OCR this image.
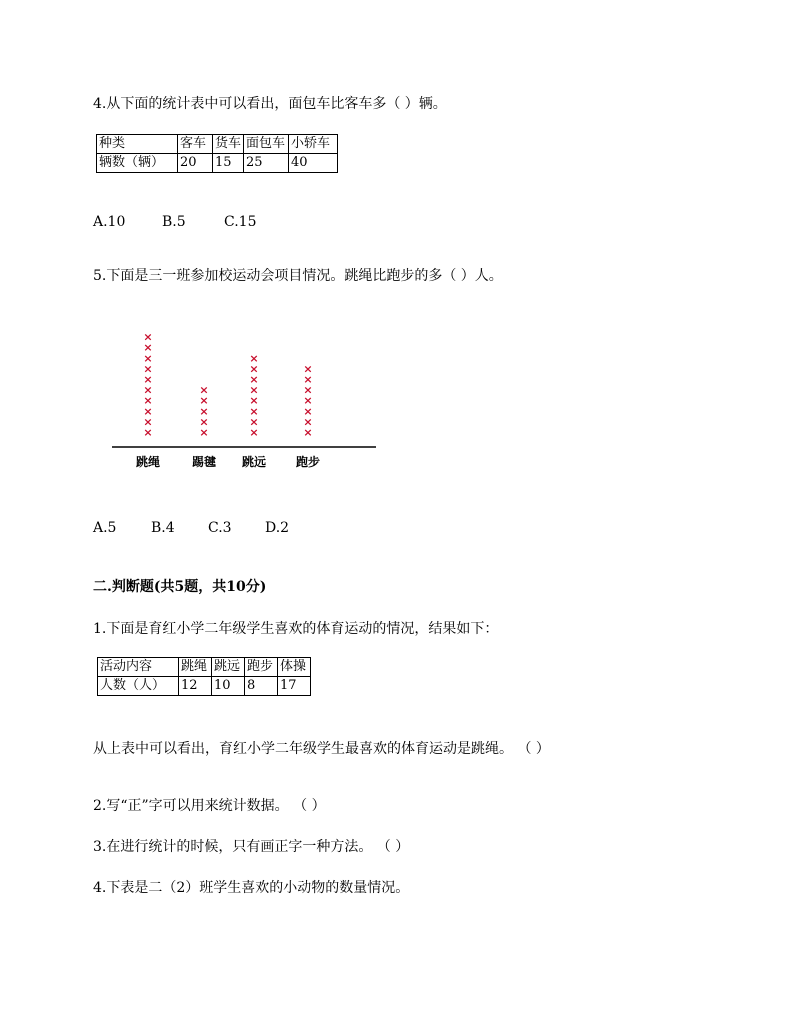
4.从下面的统计表中可以看出，面包车比客车多（ ）辆。
种类	客车	货车	面包车	小轿车
辆数（辆）	20	15	25	40
A.10	B.5	C.15
5.下面是三一班参加校运动会项目情况。跳绳比跑步的多（ ）人。
×
×
×
×
×
×
×
×
×
×
×
×
×
×
×
×
×
×
×
×
×
×
×
×
×
×
×
×
×
×
跳绳	踢毽 跳远 跑步
A.5 B.4 C.3 D.2
二.判断题(共5题，共10分)
1.下面是育红小学二年级学生喜欢的体育运动的情况，结果如下：
活动内容	跳绳	跳远	跑步	体操
人数（人）	12	10	8	17
从上表中可以看出，育红小学二年级学生最喜欢的体育运动是跳绳。 （ ）
2.写“正”字可以用来统计数据。 （ ）
3.在进行统计的时候，只有画正字一种方法。 （ ）
4.下表是二（2）班学生喜欢的小动物的数量情况。
